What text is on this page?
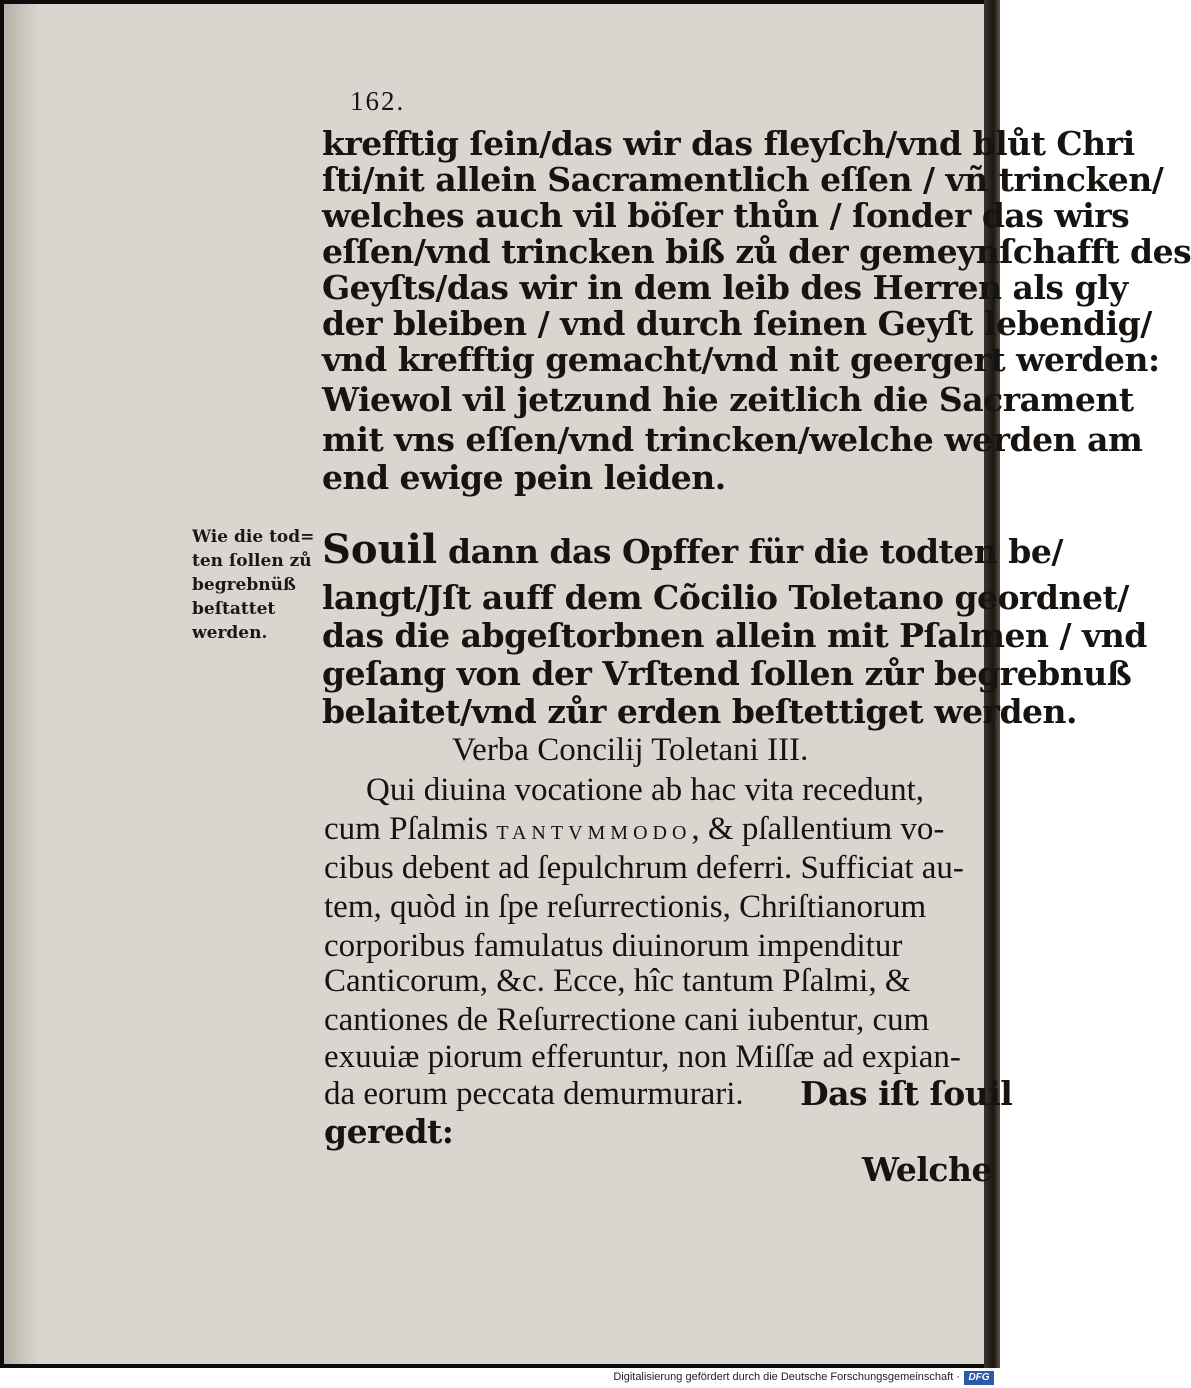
162.
krefftig ſein/das wir das fleyſch/vnd blůt Chri
ſti/nit allein Sacramentlich eſſen / vñ trincken/
welches auch vil böſer thůn / ſonder das wirs
eſſen/vnd trincken biß zů der gemeynſchafft des
Geyſts/das wir in dem leib des Herren als gly
der bleiben / vnd durch ſeinen Geyſt lebendig/
vnd krefftig gemacht/vnd nit geergert werden:
Wiewol vil jetzund hie zeitlich die Sacrament
mit vns eſſen/vnd trincken/welche werden am
end ewige pein leiden.
Wie die tod=
ten ſollen zů
begrebnüß
beſtattet
werden.
Souil dann das Opffer für die todten be/
langt/Jſt auff dem Cõcilio Toletano geordnet/
das die abgeſtorbnen allein mit Pſalmen / vnd
geſang von der Vrſtend ſollen zůr begrebnuß
belaitet/vnd zůr erden beſtettiget werden.
Verba Concilij Toletani III.
Qui diuina vocatione ab hac vita recedunt,
cum Pſalmis TANTVMMODO, & pſallentium vo-
cibus debent ad ſepulchrum deferri. Sufficiat au-
tem, quòd in ſpe reſurrectionis, Chriſtianorum
corporibus famulatus diuinorum impenditur
Canticorum, &c. Ecce, hîc tantum Pſalmi, &
cantiones de Reſurrectione cani iubentur, cum
exuuiæ piorum efferuntur, non Miſſæ ad expian-
da eorum peccata demurmurari. Das iſt ſouil
geredt:
Welche
Digitalisierung gefördert durch die Deutsche Forschungsgemeinschaft · DFG
